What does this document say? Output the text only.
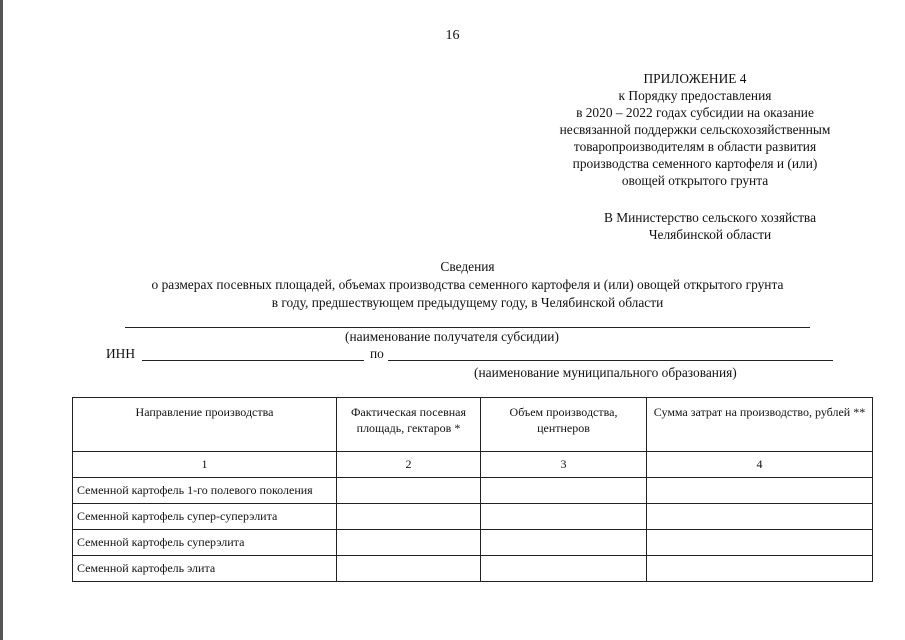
16
ПРИЛОЖЕНИЕ 4
к Порядку предоставления
в 2020 – 2022 годах субсидии на оказание
несвязанной поддержки сельскохозяйственным
товаропроизводителям в области развития
производства семенного картофеля и (или)
овощей открытого грунта
В Министерство сельского хозяйства
Челябинской области
Сведения
о размерах посевных площадей, объемах производства семенного картофеля и (или) овощей открытого грунта
в году, предшествующем предыдущему году, в Челябинской области
(наименование получателя субсидии)
ИНН	по
(наименование муниципального образования)
Направление производства	Фактическая посевная площадь, гектаров *	Объем производства, центнеров	Сумма затрат на производство, рублей **
1	2	3	4
Семенной картофель 1-го полевого поколения			
Семенной картофель супер-суперэлита			
Семенной картофель суперэлита			
Семенной картофель элита			
